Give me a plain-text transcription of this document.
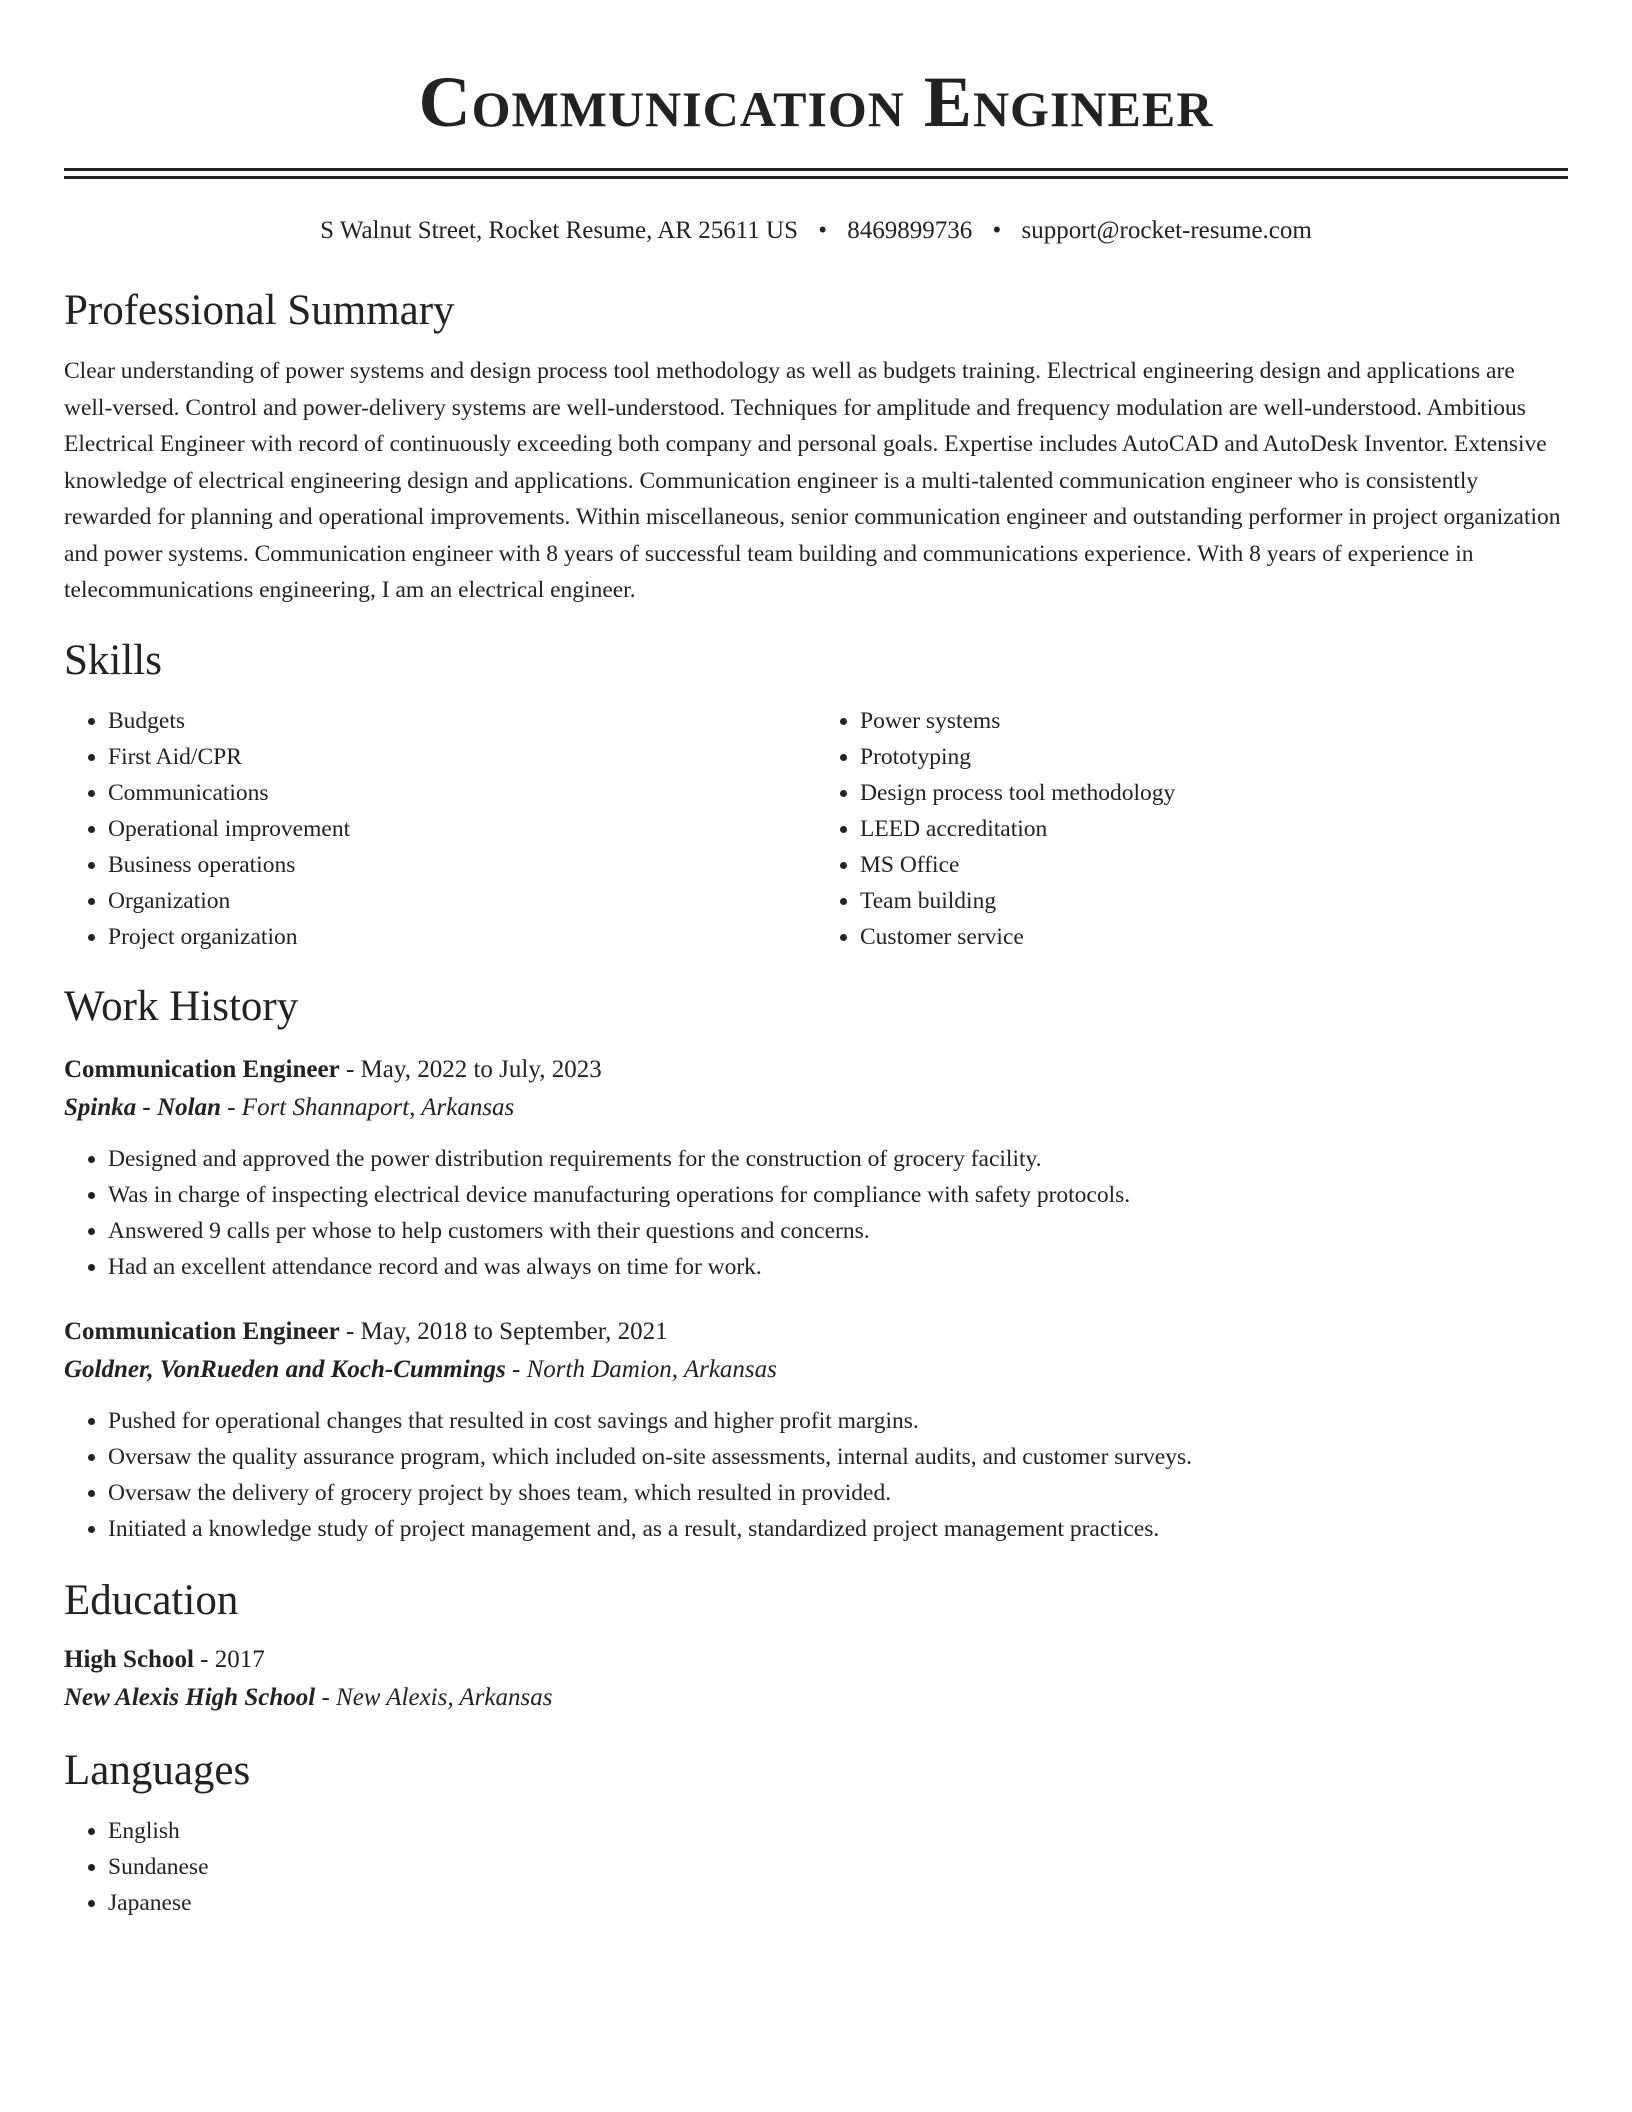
Communication Engineer
S Walnut Street, Rocket Resume, AR 25611 US • 8469899736 • support@rocket-resume.com
Professional Summary

Clear understanding of power systems and design process tool methodology as well as budgets training. Electrical engineering design and applications are well-versed. Control and power-delivery systems are well-understood. Techniques for amplitude and frequency modulation are well-understood. Ambitious Electrical Engineer with record of continuously exceeding both company and personal goals. Expertise includes AutoCAD and AutoDesk Inventor. Extensive knowledge of electrical engineering design and applications. Communication engineer is a multi-talented communication engineer who is consistently rewarded for planning and operational improvements. Within miscellaneous, senior communication engineer and outstanding performer in project organization and power systems. Communication engineer with 8 years of successful team building and communications experience. With 8 years of experience in telecommunications engineering, I am an electrical engineer.

Skills
• Budgets
• First Aid/CPR
• Communications
• Operational improvement
• Business operations
• Organization
• Project organization
• Power systems
• Prototyping
• Design process tool methodology
• LEED accreditation
• MS Office
• Team building
• Customer service
Work History
Communication Engineer - May, 2022 to July, 2023
Spinka - Nolan - Fort Shannaport, Arkansas
• Designed and approved the power distribution requirements for the construction of grocery facility.
• Was in charge of inspecting electrical device manufacturing operations for compliance with safety protocols.
• Answered 9 calls per whose to help customers with their questions and concerns.
• Had an excellent attendance record and was always on time for work.
Communication Engineer - May, 2018 to September, 2021
Goldner, VonRueden and Koch-Cummings - North Damion, Arkansas
• Pushed for operational changes that resulted in cost savings and higher profit margins.
• Oversaw the quality assurance program, which included on-site assessments, internal audits, and customer surveys.
• Oversaw the delivery of grocery project by shoes team, which resulted in provided.
• Initiated a knowledge study of project management and, as a result, standardized project management practices.
Education
High School - 2017
New Alexis High School - New Alexis, Arkansas
Languages
• English
• Sundanese
• Japanese
